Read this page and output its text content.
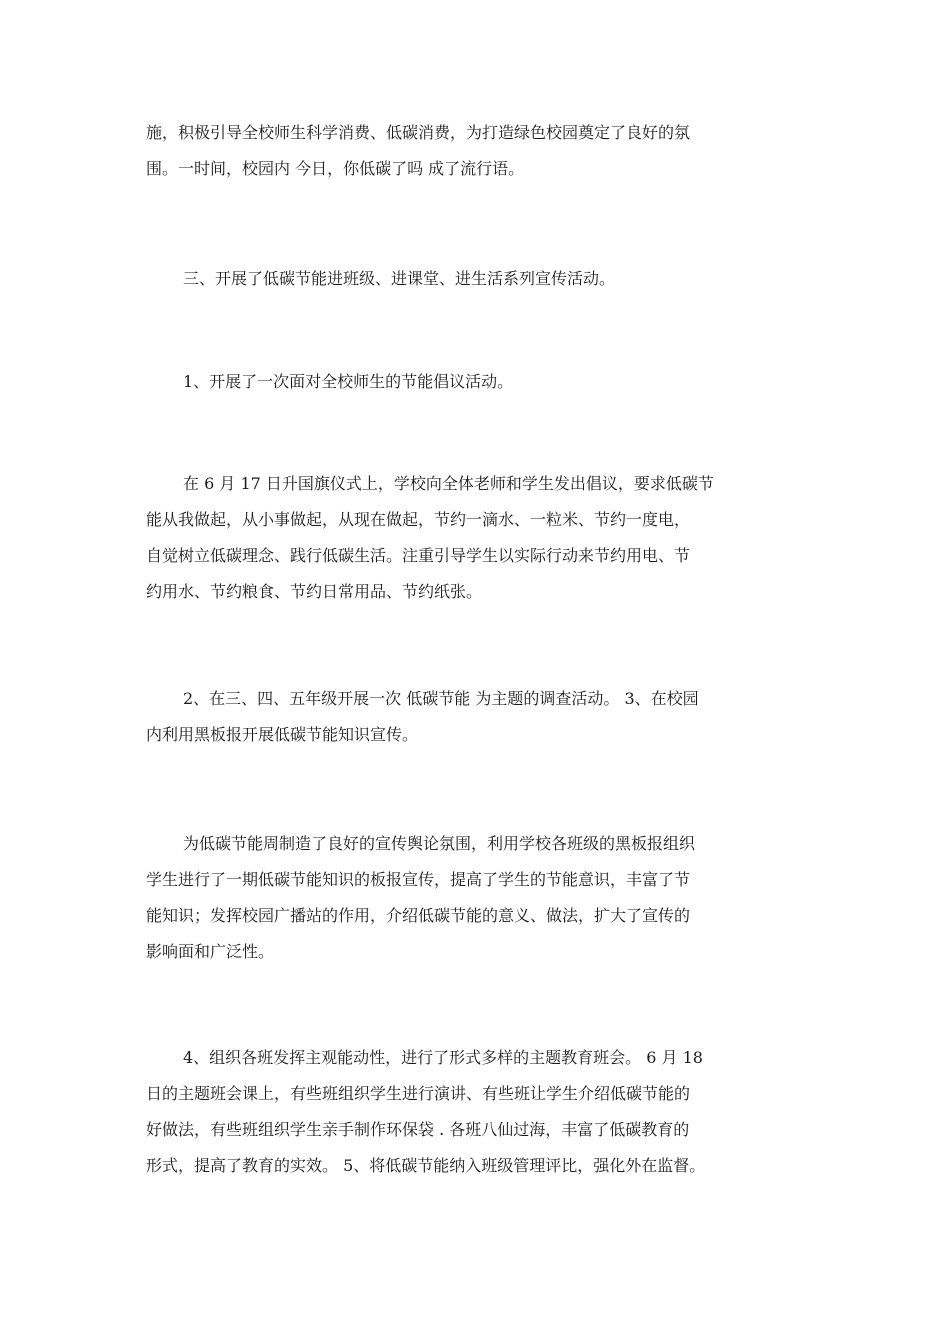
施，积极引导全校师生科学消费、低碳消费，为打造绿色校园奠定了良好的氛
围。一时间，校园内 今日，你低碳了吗 成了流行语。
三、开展了低碳节能进班级、进课堂、进生活系列宣传活动。
1、开展了一次面对全校师生的节能倡议活动。
在 6 月 17 日升国旗仪式上，学校向全体老师和学生发出倡议，要求低碳节
能从我做起，从小事做起，从现在做起，节约一滴水、一粒米、节约一度电，
自觉树立低碳理念、践行低碳生活。注重引导学生以实际行动来节约用电、节
约用水、节约粮食、节约日常用品、节约纸张。
2、在三、四、五年级开展一次 低碳节能 为主题的调查活动。 3、在校园
内利用黑板报开展低碳节能知识宣传。
为低碳节能周制造了良好的宣传舆论氛围，利用学校各班级的黑板报组织
学生进行了一期低碳节能知识的板报宣传，提高了学生的节能意识，丰富了节
能知识；发挥校园广播站的作用，介绍低碳节能的意义、做法，扩大了宣传的
影响面和广泛性。
4、组织各班发挥主观能动性，进行了形式多样的主题教育班会。 6 月 18
日的主题班会课上，有些班组织学生进行演讲、有些班让学生介绍低碳节能的
好做法，有些班组织学生亲手制作环保袋 . 各班八仙过海，丰富了低碳教育的
形式，提高了教育的实效。 5、将低碳节能纳入班级管理评比，强化外在监督。
